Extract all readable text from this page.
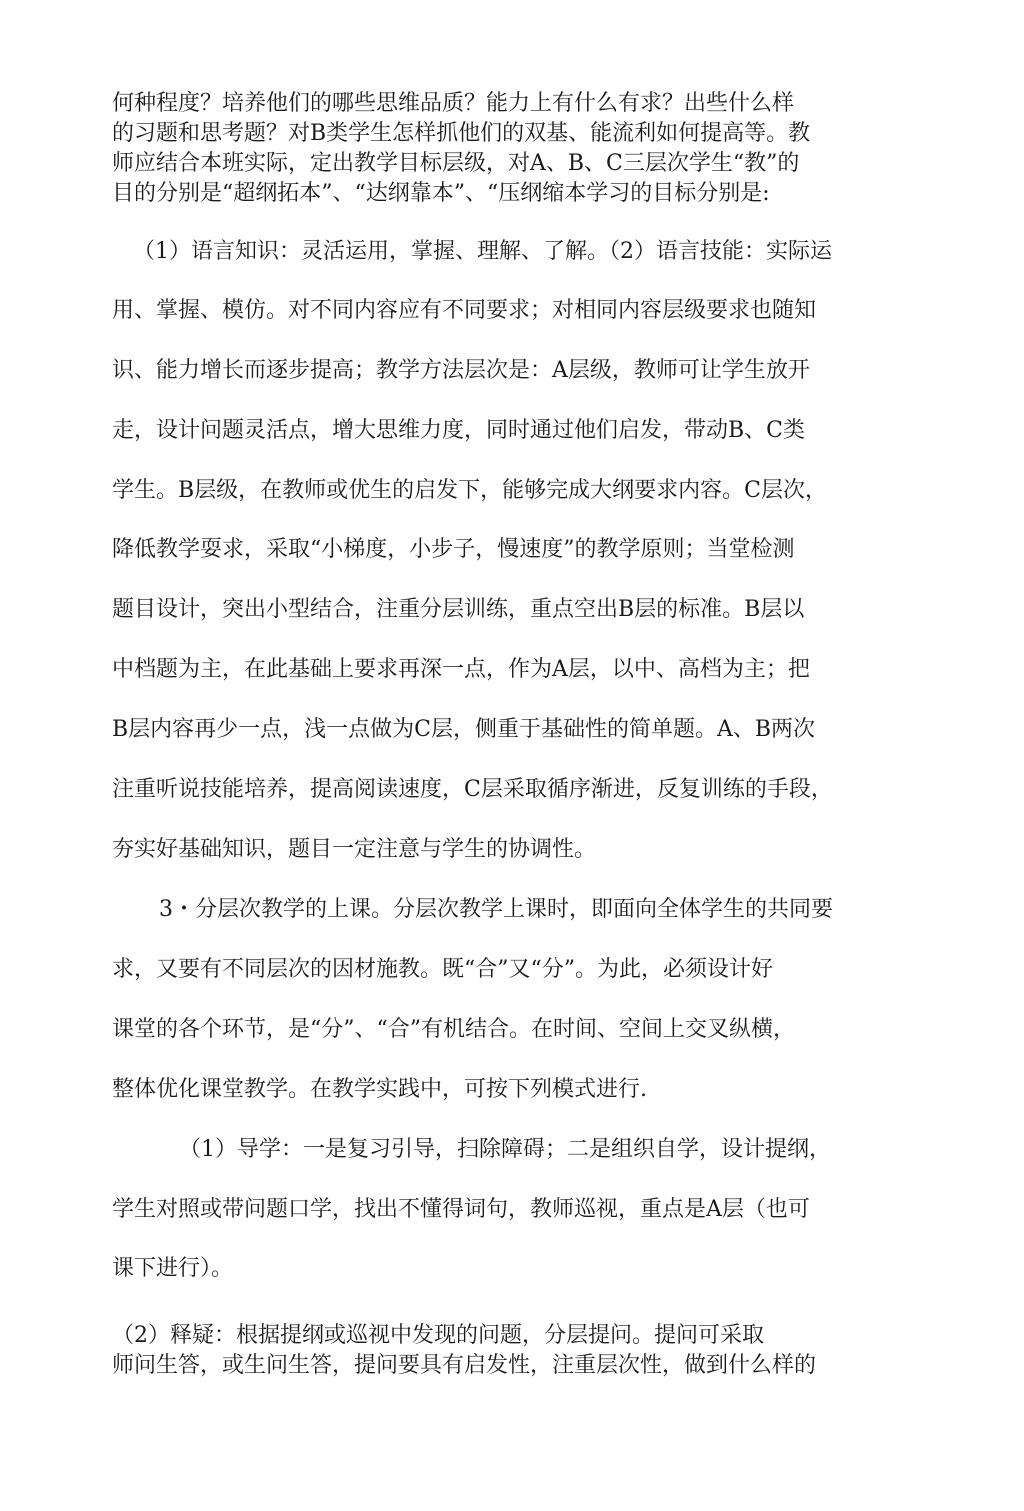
何种程度？培养他们的哪些思维品质？能力上有什么有求？出些什么样
的习题和思考题？对B类学生怎样抓他们的双基、能流利如何提高等。教
师应结合本班实际，定出教学目标层级，对A、B、C三层次学生“教”的
目的分别是“超纲拓本”、“达纲靠本”、“压纲缩本学习的目标分别是:
（1）语言知识：灵活运用，掌握、理解、了解。（2）语言技能：实际运
用、掌握、模仿。对不同内容应有不同要求；对相同内容层级要求也随知
识、能力增长而逐步提高；教学方法层次是：A层级，教师可让学生放开
走，设计问题灵活点，增大思维力度，同时通过他们启发，带动B、C类
学生。B层级，在教师或优生的启发下，能够完成大纲要求内容。C层次，
降低教学耍求，采取“小梯度，小步子，慢速度”的教学原则；当堂检测
题目设计，突出小型结合，注重分层训练，重点空出B层的标准。B层以
中档题为主，在此基础上要求再深一点，作为A层，以中、高档为主；把
B层内容再少一点，浅一点做为C层，侧重于基础性的简单题。A、B两次
注重听说技能培养，提高阅读速度，C层采取循序渐进，反复训练的手段，
夯实好基础知识，题目一定注意与学生的协调性。
3・分层次教学的上课。分层次教学上课时，即面向全体学生的共同要
求，又要有不同层次的因材施教。既“合”又“分”。为此，必须设计好
课堂的各个环节，是“分”、“合”有机结合。在时间、空间上交叉纵横，
整体优化课堂教学。在教学实践中，可按下列模式进行.
（1）导学：一是复习引导，扫除障碍；二是组织自学，设计提纲，
学生对照或带问题口学，找出不懂得词句，教师巡视，重点是A层（也可
课下进行）。
（2）释疑：根据提纲或巡视中发现的问题，分层提问。提问可采取
师问生答，或生问生答，提问要具有启发性，注重层次性，做到什么样的
